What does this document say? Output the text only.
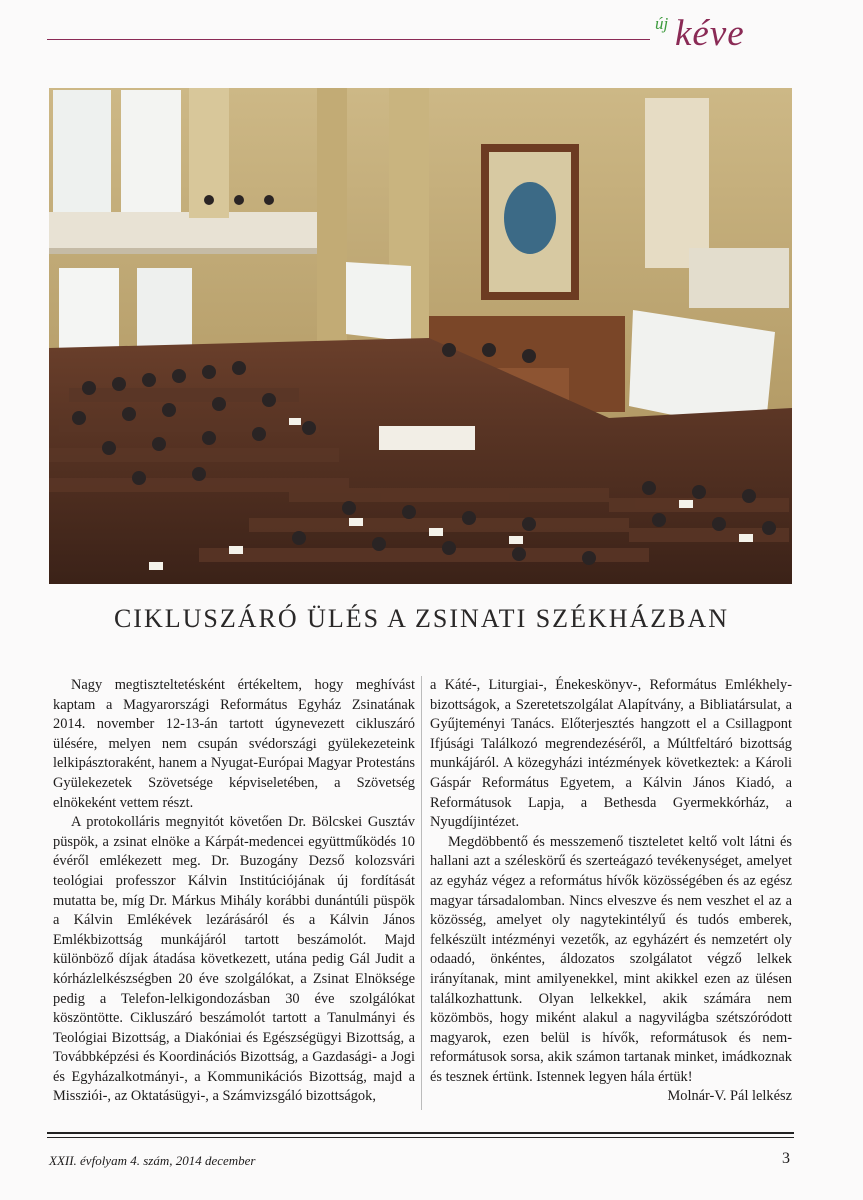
új kéve
CIKLUSZÁRÓ ÜLÉS A ZSINATI SZÉKHÁZBAN

Nagy megtiszteltetésként értékeltem, hogy meghívást kaptam a Magyarországi Református Egyház Zsinatának 2014. november 12-13-án tartott úgynevezett cikluszáró ülésére, melyen nem csupán svédországi gyülekezeteink lelkipásztoraként, hanem a Nyugat-Európai Magyar Protestáns Gyülekezetek Szövetsége képviseletében, a Szövetség elnökeként vettem részt.

A protokolláris megnyitót követően Dr. Bölcskei Gusztáv püspök, a zsinat elnöke a Kárpát-medencei együttműködés 10 évéről emlékezett meg. Dr. Buzogány Dezső kolozsvári teológiai professzor Kálvin Institúciójának új fordítását mutatta be, míg Dr. Márkus Mihály korábbi dunántúli püspök a Kálvin Emlékévek lezárásáról és a Kálvin János Emlékbizottság munkájáról tartott beszámolót. Majd különböző díjak átadása következett, utána pedig Gál Judit a kórházlelkészségben 20 éve szolgálókat, a Zsinat Elnöksége pedig a Telefon-lelkigondozásban 30 éve szolgálókat köszöntötte. Cikluszáró beszámolót tartott a Tanulmányi és Teológiai Bizottság, a Diakóniai és Egészségügyi Bizottság, a Továbbképzési és Koordinációs Bizottság, a Gazdasági- a Jogi és Egyházalkotmányi-, a Kommunikációs Bizottság, majd a Missziói-, az Oktatásügyi-, a Számvizsgáló bizottságok,

a Káté-, Liturgiai-, Énekeskönyv-, Református Emlékhely-bizottságok, a Szeretetszolgálat Alapítvány, a Bibliatársulat, a Gyűjteményi Tanács. Előterjesztés hangzott el a Csillagpont Ifjúsági Találkozó megrendezéséről, a Múltfeltáró bizottság munkájáról. A közegyházi intézmények következtek: a Károli Gáspár Református Egyetem, a Kálvin János Kiadó, a Reformátusok Lapja, a Bethesda Gyermekkórház, a Nyugdíjintézet.

Megdöbbentő és messzemenő tiszteletet keltő volt látni és hallani azt a széleskörű és szerteágazó tevékenységet, amelyet az egyház végez a református hívők közösségében és az egész magyar társadalomban. Nincs elveszve és nem veszhet el az a közösség, amelyet oly nagytekintélyű és tudós emberek, felkészült intézményi vezetők, az egyházért és nemzetért oly odaadó, önkéntes, áldozatos szolgálatot végző lelkek irányítanak, mint amilyenekkel, mint akikkel ezen az ülésen találkozhattunk. Olyan lelkekkel, akik számára nem közömbös, hogy miként alakul a nagyvilágba szétszóródott magyarok, ezen belül is hívők, reformátusok és nem-reformátusok sorsa, akik számon tartanak minket, imádkoznak és tesznek értünk. Istennek legyen hála értük!

Molnár-V. Pál lelkész

XXII. évfolyam 4. szám, 2014 december	3
